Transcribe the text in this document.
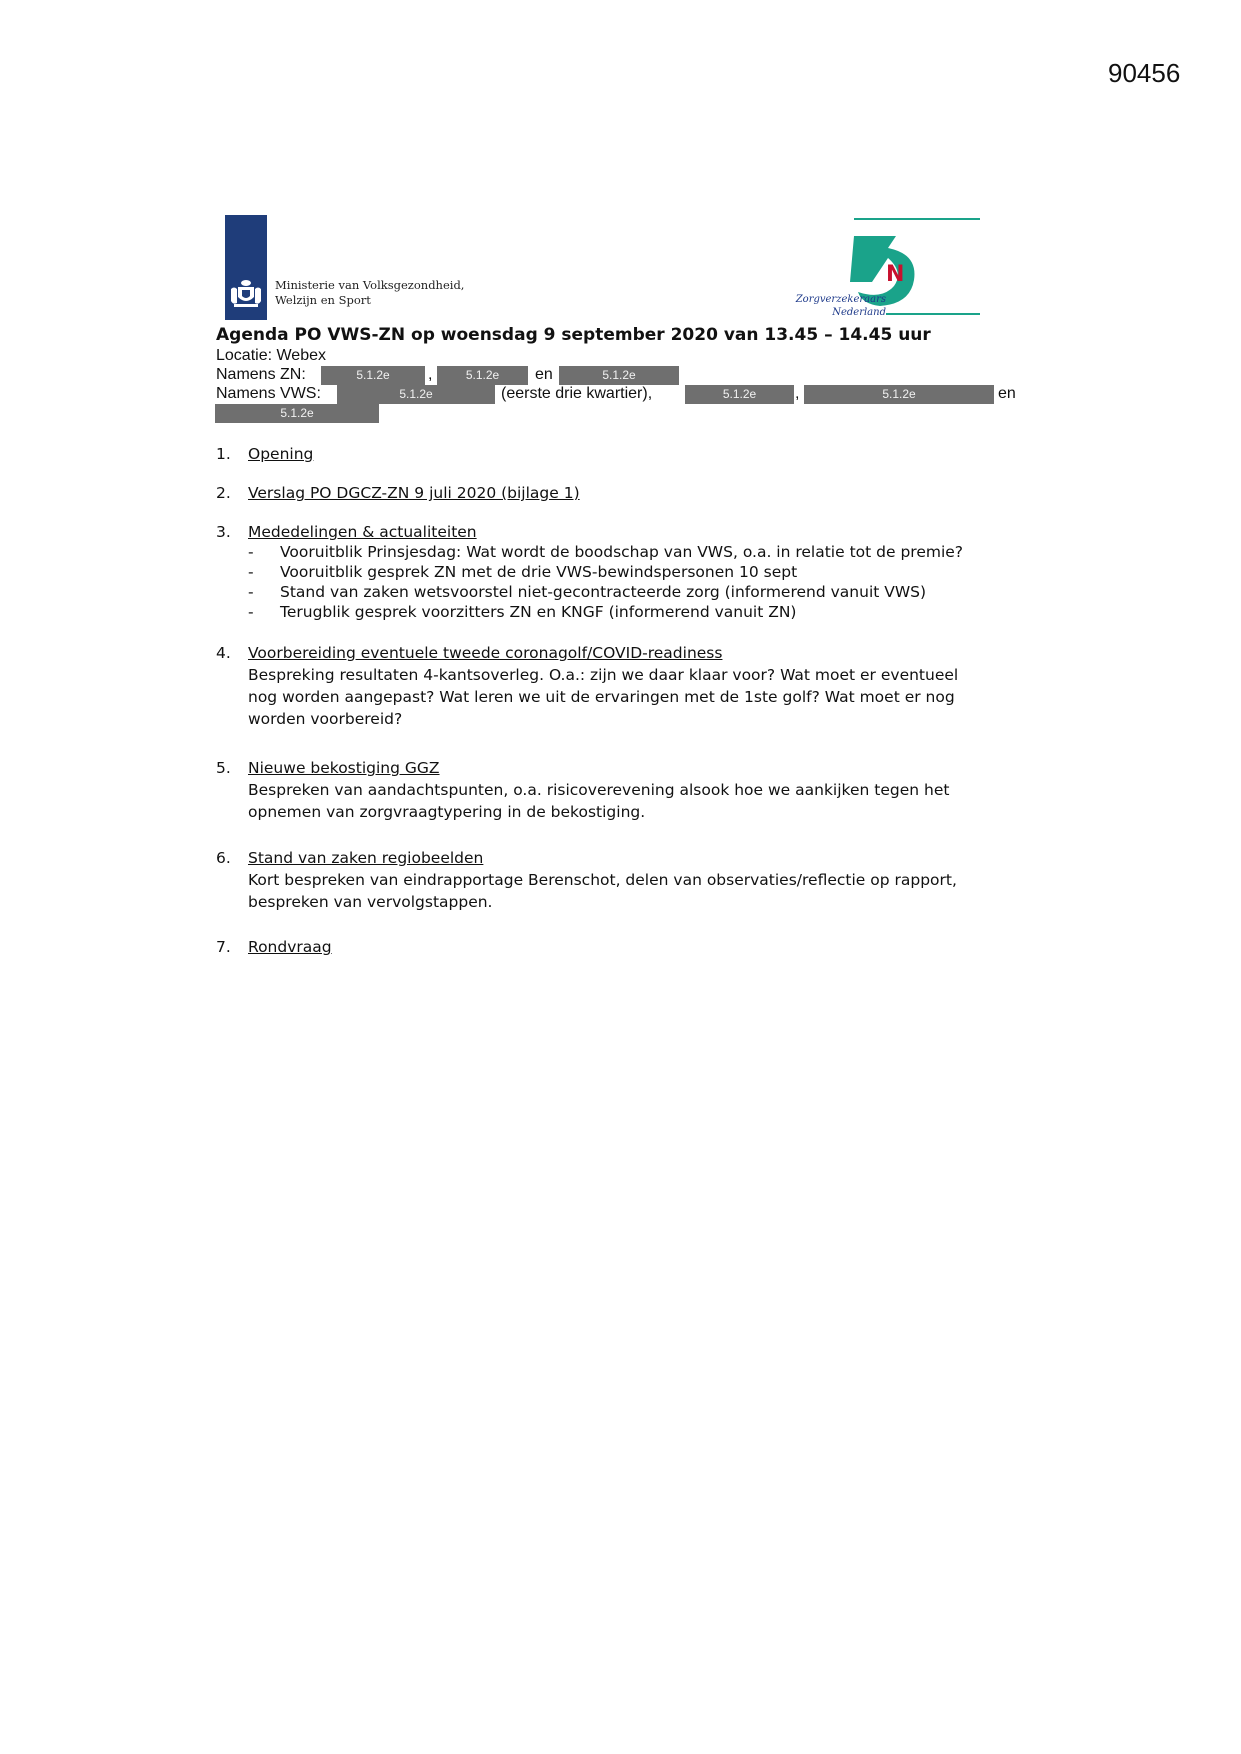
90456
Ministerie van Volksgezondheid,
Welzijn en Sport
N
Zorgverzekeraars
Nederland
Agenda PO VWS-ZN op woensdag 9 september 2020 van 13.45 – 14.45 uur
Locatie: Webex
Namens ZN:	5.1.2e	,	5.1.2e	en	5.1.2e
Namens VWS:	5.1.2e	(eerste drie kwartier),	5.1.2e	,	5.1.2e	en
5.1.2e
1.	Opening
2.	Verslag PO DGCZ-ZN 9 juli 2020 (bijlage 1)
3.	Mededelingen & actualiteiten
- Vooruitblik Prinsjesdag: Wat wordt de boodschap van VWS, o.a. in relatie tot de premie?
- Vooruitblik gesprek ZN met de drie VWS-bewindspersonen 10 sept
- Stand van zaken wetsvoorstel niet-gecontracteerde zorg (informerend vanuit VWS)
- Terugblik gesprek voorzitters ZN en KNGF (informerend vanuit ZN)
4.	Voorbereiding eventuele tweede coronagolf/COVID-readiness
Bespreking resultaten 4-kantsoverleg. O.a.: zijn we daar klaar voor? Wat moet er eventueel
nog worden aangepast? Wat leren we uit de ervaringen met de 1ste golf? Wat moet er nog
worden voorbereid?
5.	Nieuwe bekostiging GGZ
Bespreken van aandachtspunten, o.a. risicoverevening alsook hoe we aankijken tegen het
opnemen van zorgvraagtypering in de bekostiging.
6.	Stand van zaken regiobeelden
Kort bespreken van eindrapportage Berenschot, delen van observaties/reflectie op rapport,
bespreken van vervolgstappen.
7.	Rondvraag
